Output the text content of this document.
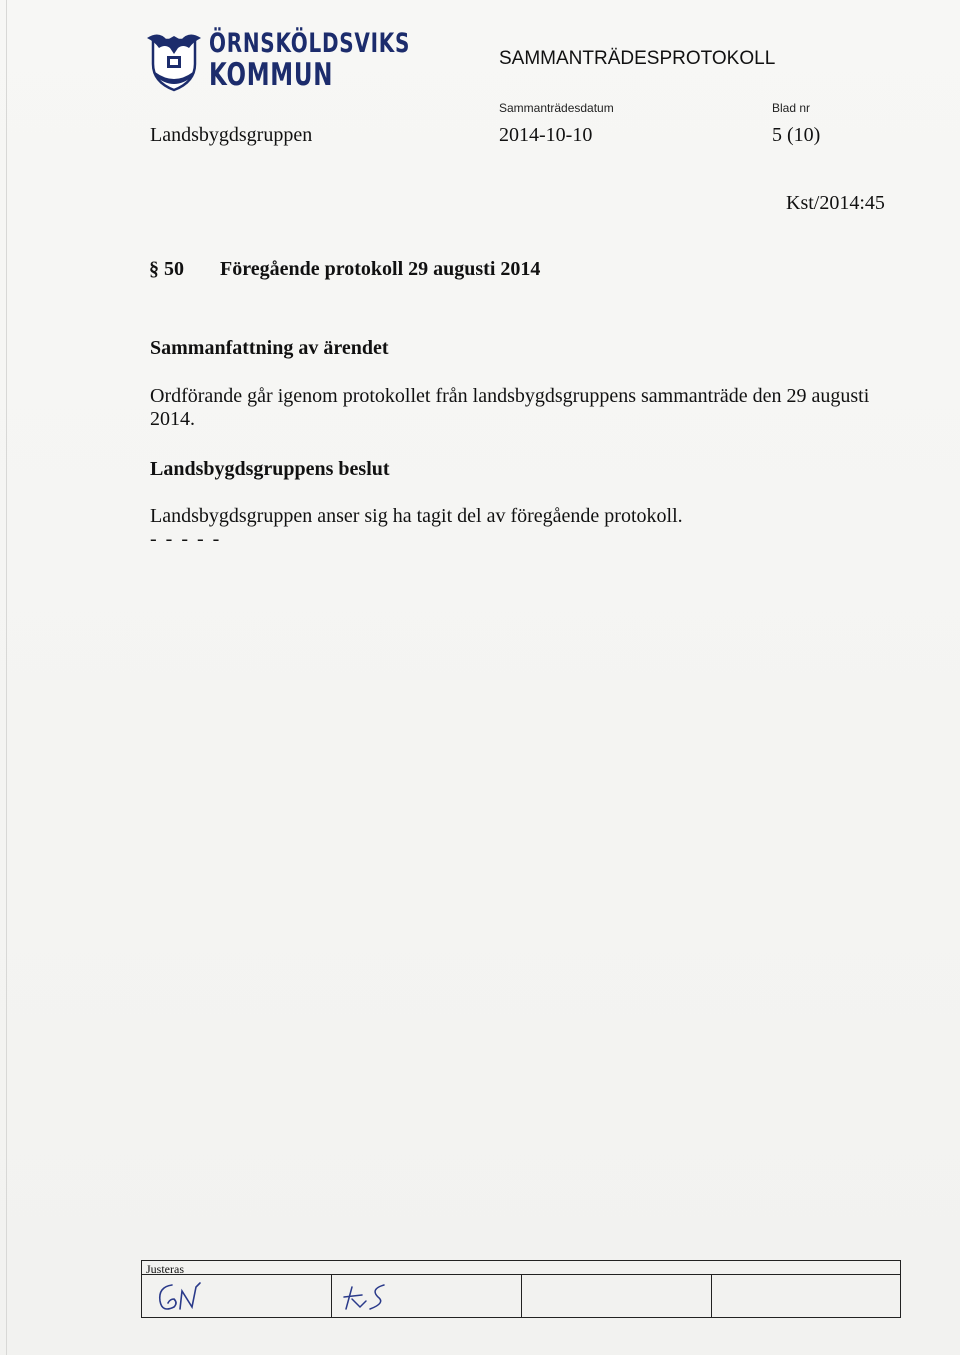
ÖRNSKÖLDSVIKS
KOMMUN	SAMMANTRÄDESPROTOKOLL
Sammanträdesdatum	Blad nr
Landsbygdsgruppen	2014-10-10	5 (10)
Kst/2014:45
§ 50 Föregående protokoll 29 augusti 2014
Sammanfattning av ärendet
Ordförande går igenom protokollet från landsbygdsgruppens sammanträde den 29 augusti 2014.
Landsbygdsgruppens beslut
Landsbygdsgruppen anser sig ha tagit del av föregående protokoll.
- - - - -
Justeras
